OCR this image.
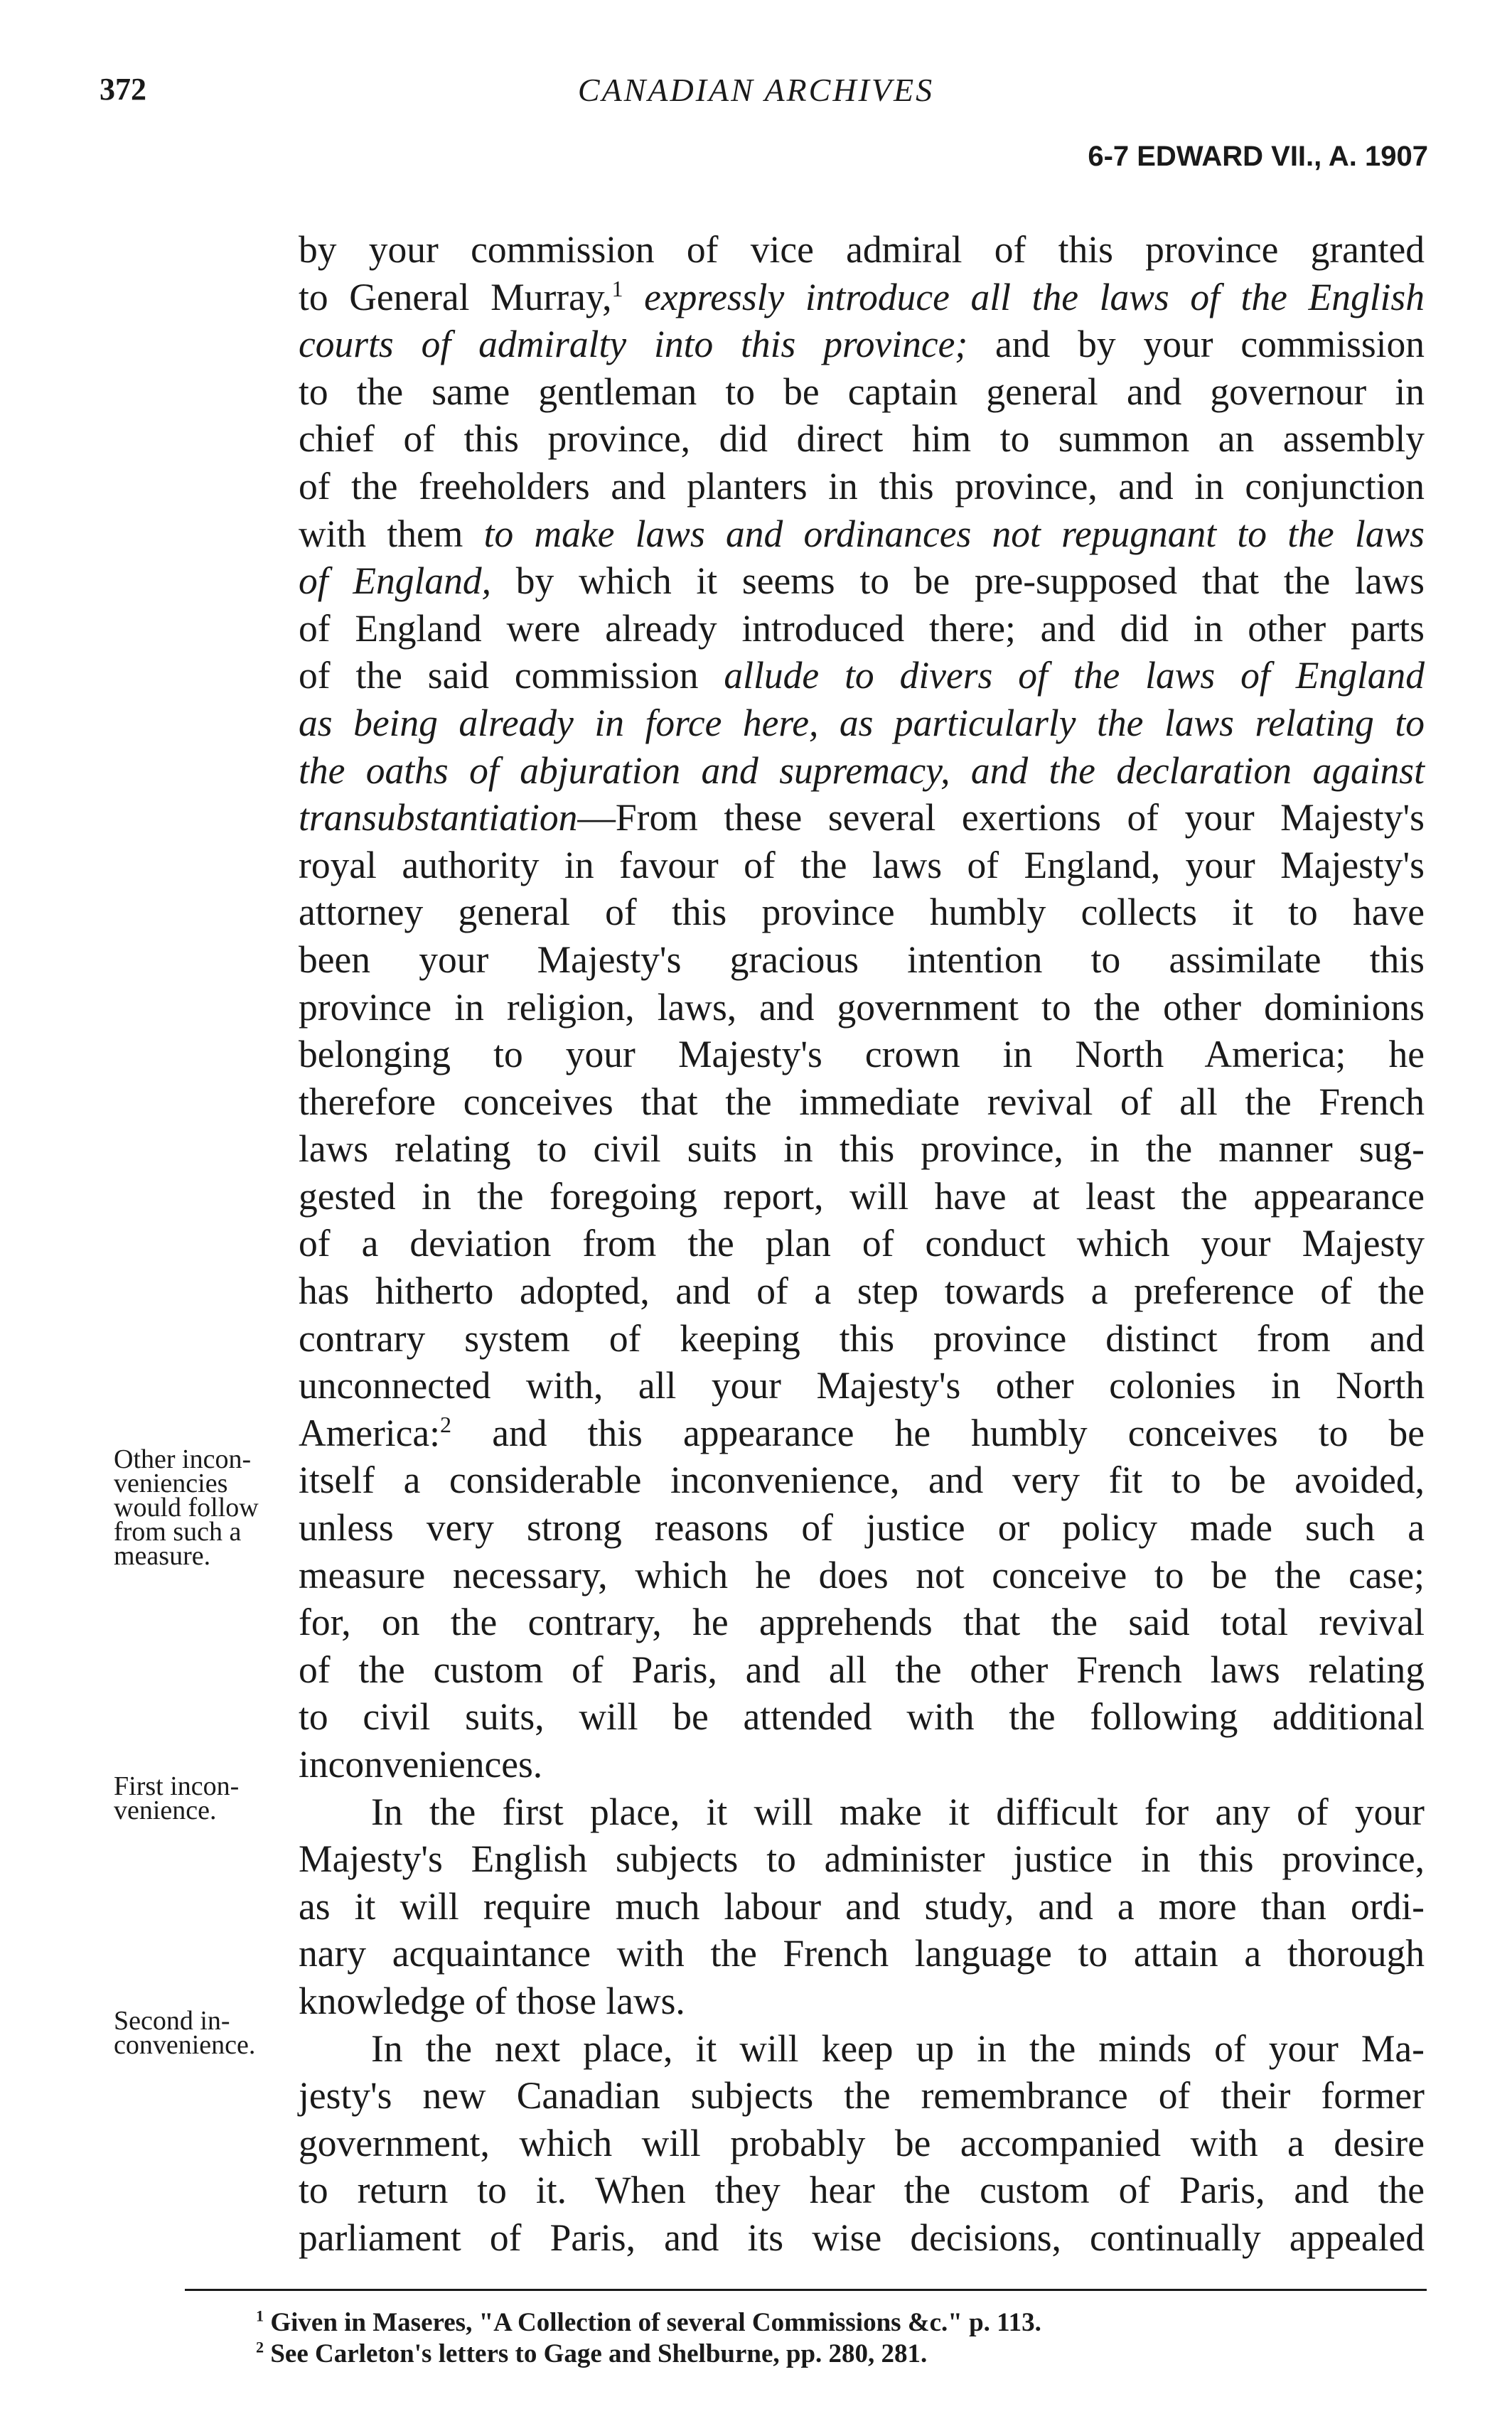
372	CANADIAN ARCHIVES
6-7 EDWARD VII., A. 1907
by your commission of vice admiral of this province granted
to General Murray,$^1$ expressly introduce all the laws of the English
courts of admiralty into this province; and by your commission
to the same gentleman to be captain general and governour in
chief of this province, did direct him to summon an assembly
of the freeholders and planters in this province, and in conjunction
with them to make laws and ordinances not repugnant to the laws
of England, by which it seems to be pre-supposed that the laws
of England were already introduced there; and did in other parts
of the said commission allude to divers of the laws of England
as being already in force here, as particularly the laws relating to
the oaths of abjuration and supremacy, and the declaration against
transubstantiation—From these several exertions of your Majesty's
royal authority in favour of the laws of England, your Majesty's
attorney general of this province humbly collects it to have
been your Majesty's gracious intention to assimilate this
province in religion, laws, and government to the other dominions
belonging to your Majesty's crown in North America; he
therefore conceives that the immediate revival of all the French
laws relating to civil suits in this province, in the manner sug-
gested in the foregoing report, will have at least the appearance
of a deviation from the plan of conduct which your Majesty
has hitherto adopted, and of a step towards a preference of the
contrary system of keeping this province distinct from and
unconnected with, all your Majesty's other colonies in North
America:$^2$ and this appearance he humbly conceives to be
itself a considerable inconvenience, and very fit to be avoided,
unless very strong reasons of justice or policy made such a
measure necessary, which he does not conceive to be the case;
for, on the contrary, he apprehends that the said total revival
of the custom of Paris, and all the other French laws relating
to civil suits, will be attended with the following additional
inconveniences.
In the first place, it will make it difficult for any of your
Majesty's English subjects to administer justice in this province,
as it will require much labour and study, and a more than ordi-
nary acquaintance with the French language to attain a thorough
knowledge of those laws.
In the next place, it will keep up in the minds of your Ma-
jesty's new Canadian subjects the remembrance of their former
government, which will probably be accompanied with a desire
to return to it. When they hear the custom of Paris, and the
parliament of Paris, and its wise decisions, continually appealed
Other incon-
veniencies
would follow
from such a
measure.
First incon-
venience.
Second in-
convenience.
$^1$ Given in Maseres, "A Collection of several Commissions &c." p. 113.
$^2$ See Carleton's letters to Gage and Shelburne, pp. 280, 281.
